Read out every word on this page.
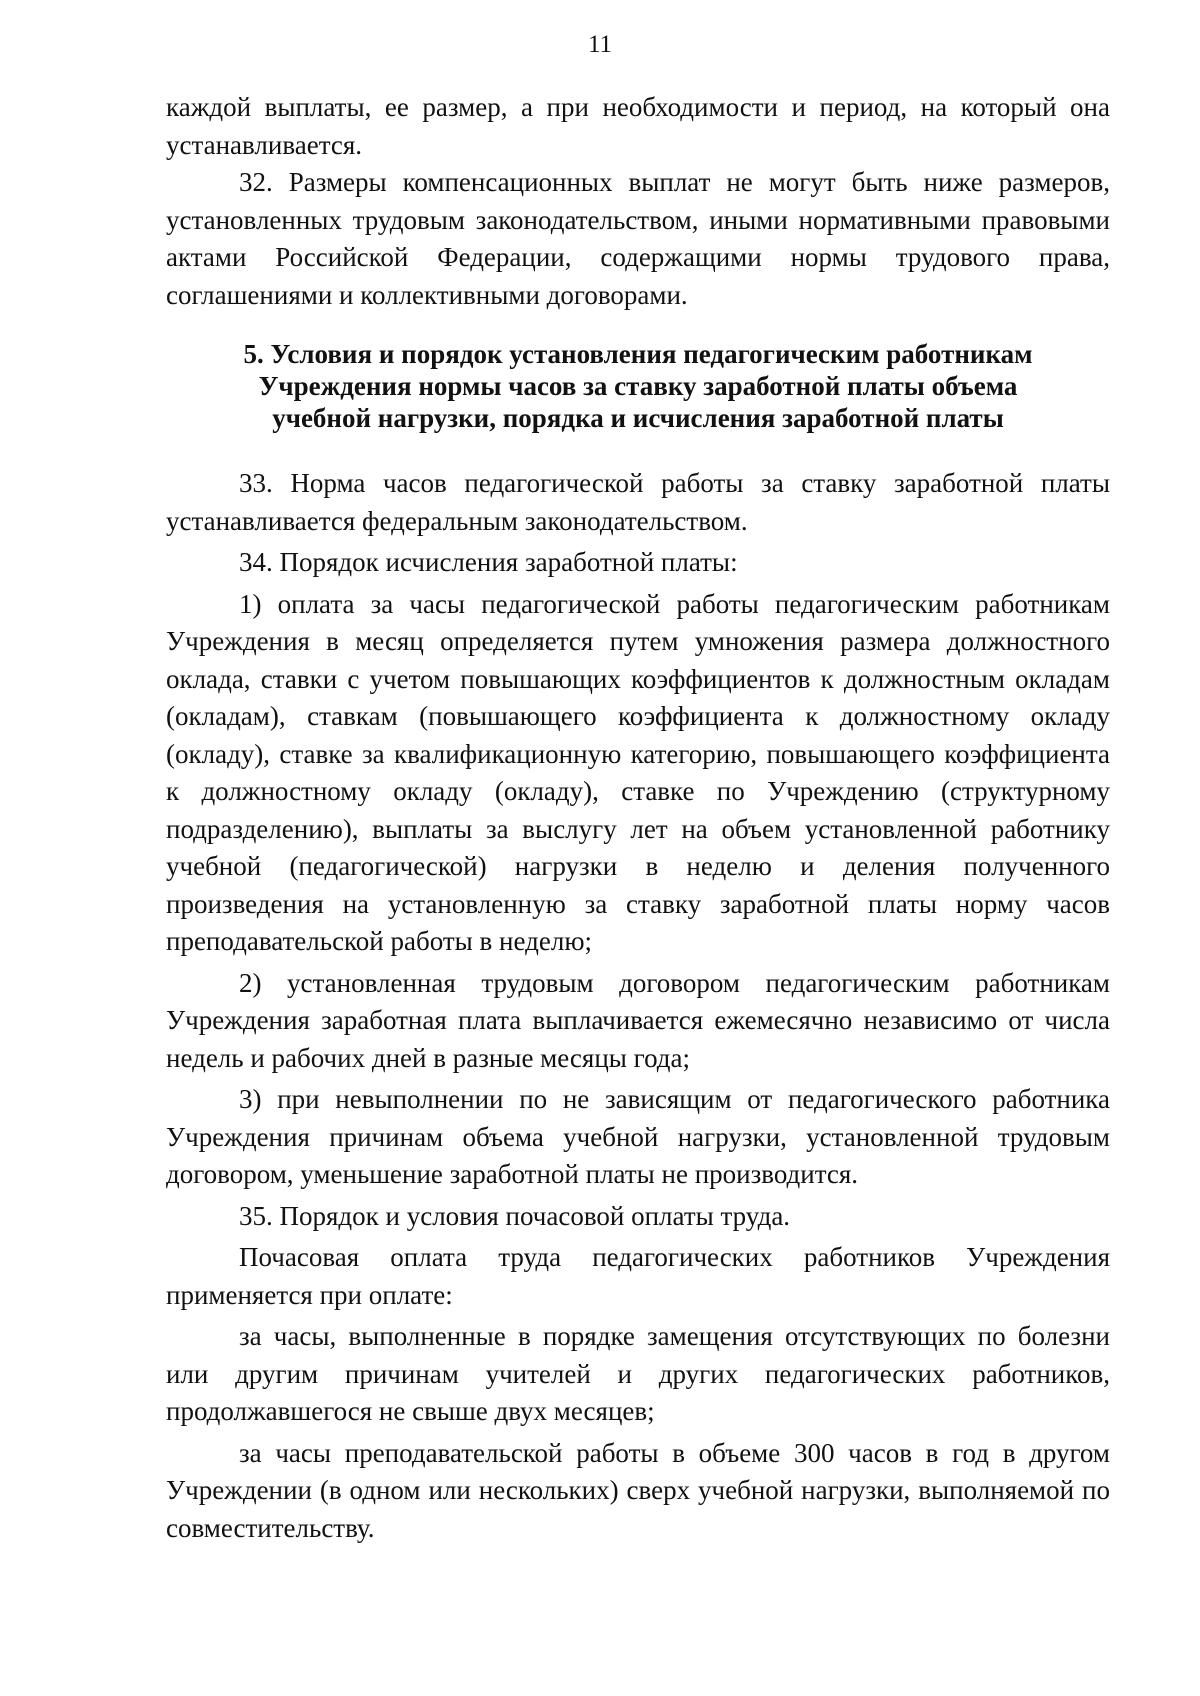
11

каждой выплаты, ее размер, а при необходимости и период, на который она устанавливается.

32. Размеры компенсационных выплат не могут быть ниже размеров, установленных трудовым законодательством, иными нормативными правовыми актами Российской Федерации, содержащими нормы трудового права, соглашениями и коллективными договорами.

5. Условия и порядок установления педагогическим работникам Учреждения нормы часов за ставку заработной платы объема учебной нагрузки, порядка и исчисления заработной платы

33. Норма часов педагогической работы за ставку заработной платы устанавливается федеральным законодательством.

34. Порядок исчисления заработной платы:

1) оплата за часы педагогической работы педагогическим работникам Учреждения в месяц определяется путем умножения размера должностного оклада, ставки с учетом повышающих коэффициентов к должностным окладам (окладам), ставкам (повышающего коэффициента к должностному окладу (окладу), ставке за квалификационную категорию, повышающего коэффициента к должностному окладу (окладу), ставке по Учреждению (структурному подразделению), выплаты за выслугу лет на объем установленной работнику учебной (педагогической) нагрузки в неделю и деления полученного произведения на установленную за ставку заработной платы норму часов преподавательской работы в неделю;

2) установленная трудовым договором педагогическим работникам Учреждения заработная плата выплачивается ежемесячно независимо от числа недель и рабочих дней в разные месяцы года;

3) при невыполнении по не зависящим от педагогического работника Учреждения причинам объема учебной нагрузки, установленной трудовым договором, уменьшение заработной платы не производится.

35. Порядок и условия почасовой оплаты труда.

Почасовая оплата труда педагогических работников Учреждения применяется при оплате:

за часы, выполненные в порядке замещения отсутствующих по болезни или другим причинам учителей и других педагогических работников, продолжавшегося не свыше двух месяцев;

за часы преподавательской работы в объеме 300 часов в год в другом Учреждении (в одном или нескольких) сверх учебной нагрузки, выполняемой по совместительству.
